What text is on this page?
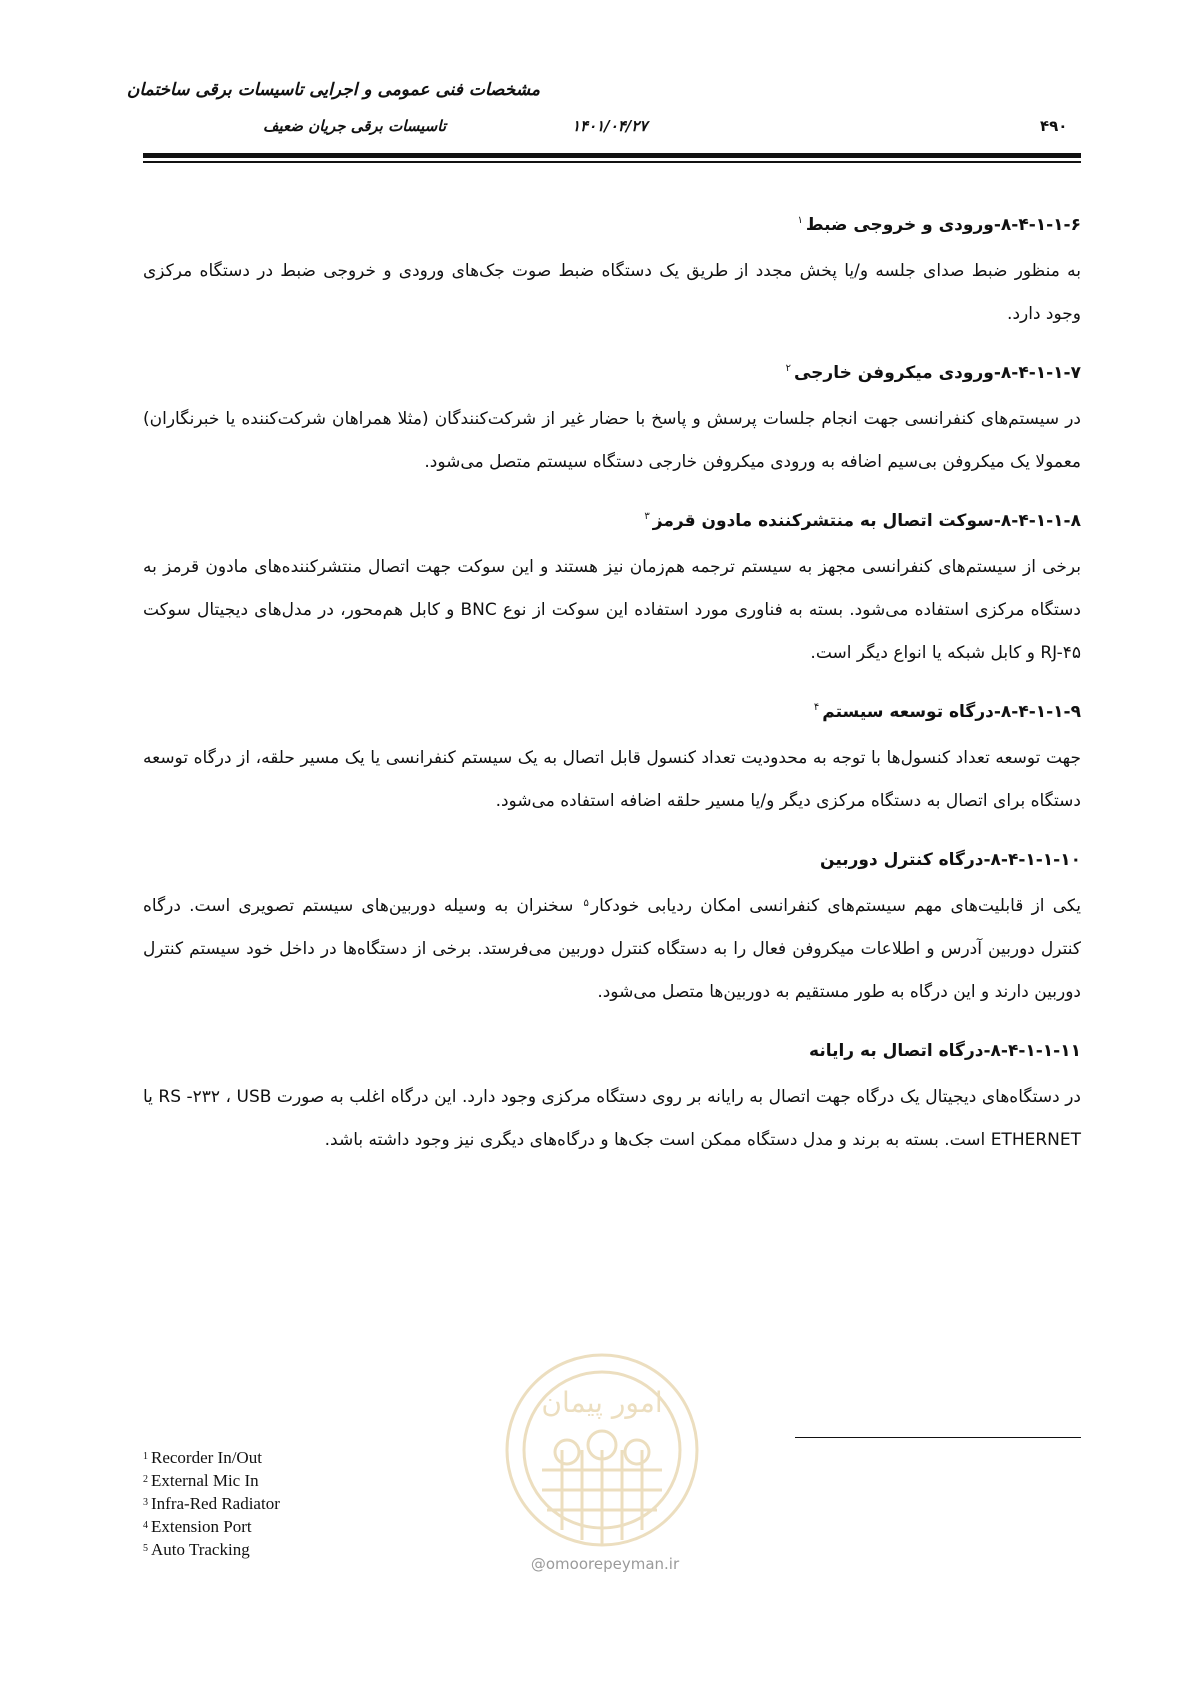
مشخصات فنی عمومی و اجرایی تاسیسات برقی ساختمان
تاسیسات برقی جریان ضعیف	۱۴۰۱/۰۴/۲۷	۴۹۰
۸-۴-۱-۱-۶-ورودی و خروجی ضبط$^۱$

به منظور ضبط صدای جلسه و/یا پخش مجدد از طریق یک دستگاه ضبط صوت جک‌های ورودی و خروجی ضبط در دستگاه مرکزی وجود دارد.

۸-۴-۱-۱-۷-ورودی میکروفن خارجی$^۲$

در سیستم‌های کنفرانسی جهت انجام جلسات پرسش و پاسخ با حضار غیر از شرکت‌کنندگان (مثلا همراهان شرکت‌کننده یا خبرنگاران) معمولا یک میکروفن بی‌سیم اضافه به ورودی میکروفن خارجی دستگاه سیستم متصل می‌شود.

۸-۴-۱-۱-۸-سوکت اتصال به منتشرکننده مادون قرمز$^۳$

برخی از سیستم‌های کنفرانسی مجهز به سیستم ترجمه هم‌زمان نیز هستند و این سوکت جهت اتصال منتشرکننده‌های مادون قرمز به دستگاه مرکزی استفاده می‌شود. بسته به فناوری مورد استفاده این سوکت از نوع BNC و کابل هم‌محور، در مدل‌های دیجیتال سوکت RJ-۴۵ و کابل شبکه یا انواع دیگر است.

۸-۴-۱-۱-۹-درگاه توسعه سیستم$^۴$

جهت توسعه تعداد کنسول‌ها با توجه به محدودیت تعداد کنسول قابل اتصال به یک سیستم کنفرانسی یا یک مسیر حلقه، از درگاه توسعه دستگاه برای اتصال به دستگاه مرکزی دیگر و/یا مسیر حلقه اضافه استفاده می‌شود.

۸-۴-۱-۱-۱۰-درگاه کنترل دوربین

یکی از قابلیت‌های مهم سیستم‌های کنفرانسی امکان ردیابی خودکار$^۵$ سخنران به وسیله دوربین‌های سیستم تصویری است. درگاه کنترل دوربین آدرس و اطلاعات میکروفن فعال را به دستگاه کنترل دوربین می‌فرستد. برخی از دستگاه‌ها در داخل خود سیستم کنترل دوربین دارند و این درگاه به طور مستقیم به دوربین‌ها متصل می‌شود.

۸-۴-۱-۱-۱۱-درگاه اتصال به رایانه

در دستگاه‌های دیجیتال یک درگاه جهت اتصال به رایانه بر روی دستگاه مرکزی وجود دارد. این درگاه اغلب به صورت RS -۲۳۲ ، USB یا ETHERNET است. بسته به برند و مدل دستگاه ممکن است جک‌ها و درگاه‌های دیگری نیز وجود داشته باشد.

امور پیمان
@omoorepeyman.ir
$^1$ Recorder In/Out
$^2$ External Mic In
$^3$ Infra-Red Radiator
$^4$ Extension Port
$^5$ Auto Tracking
